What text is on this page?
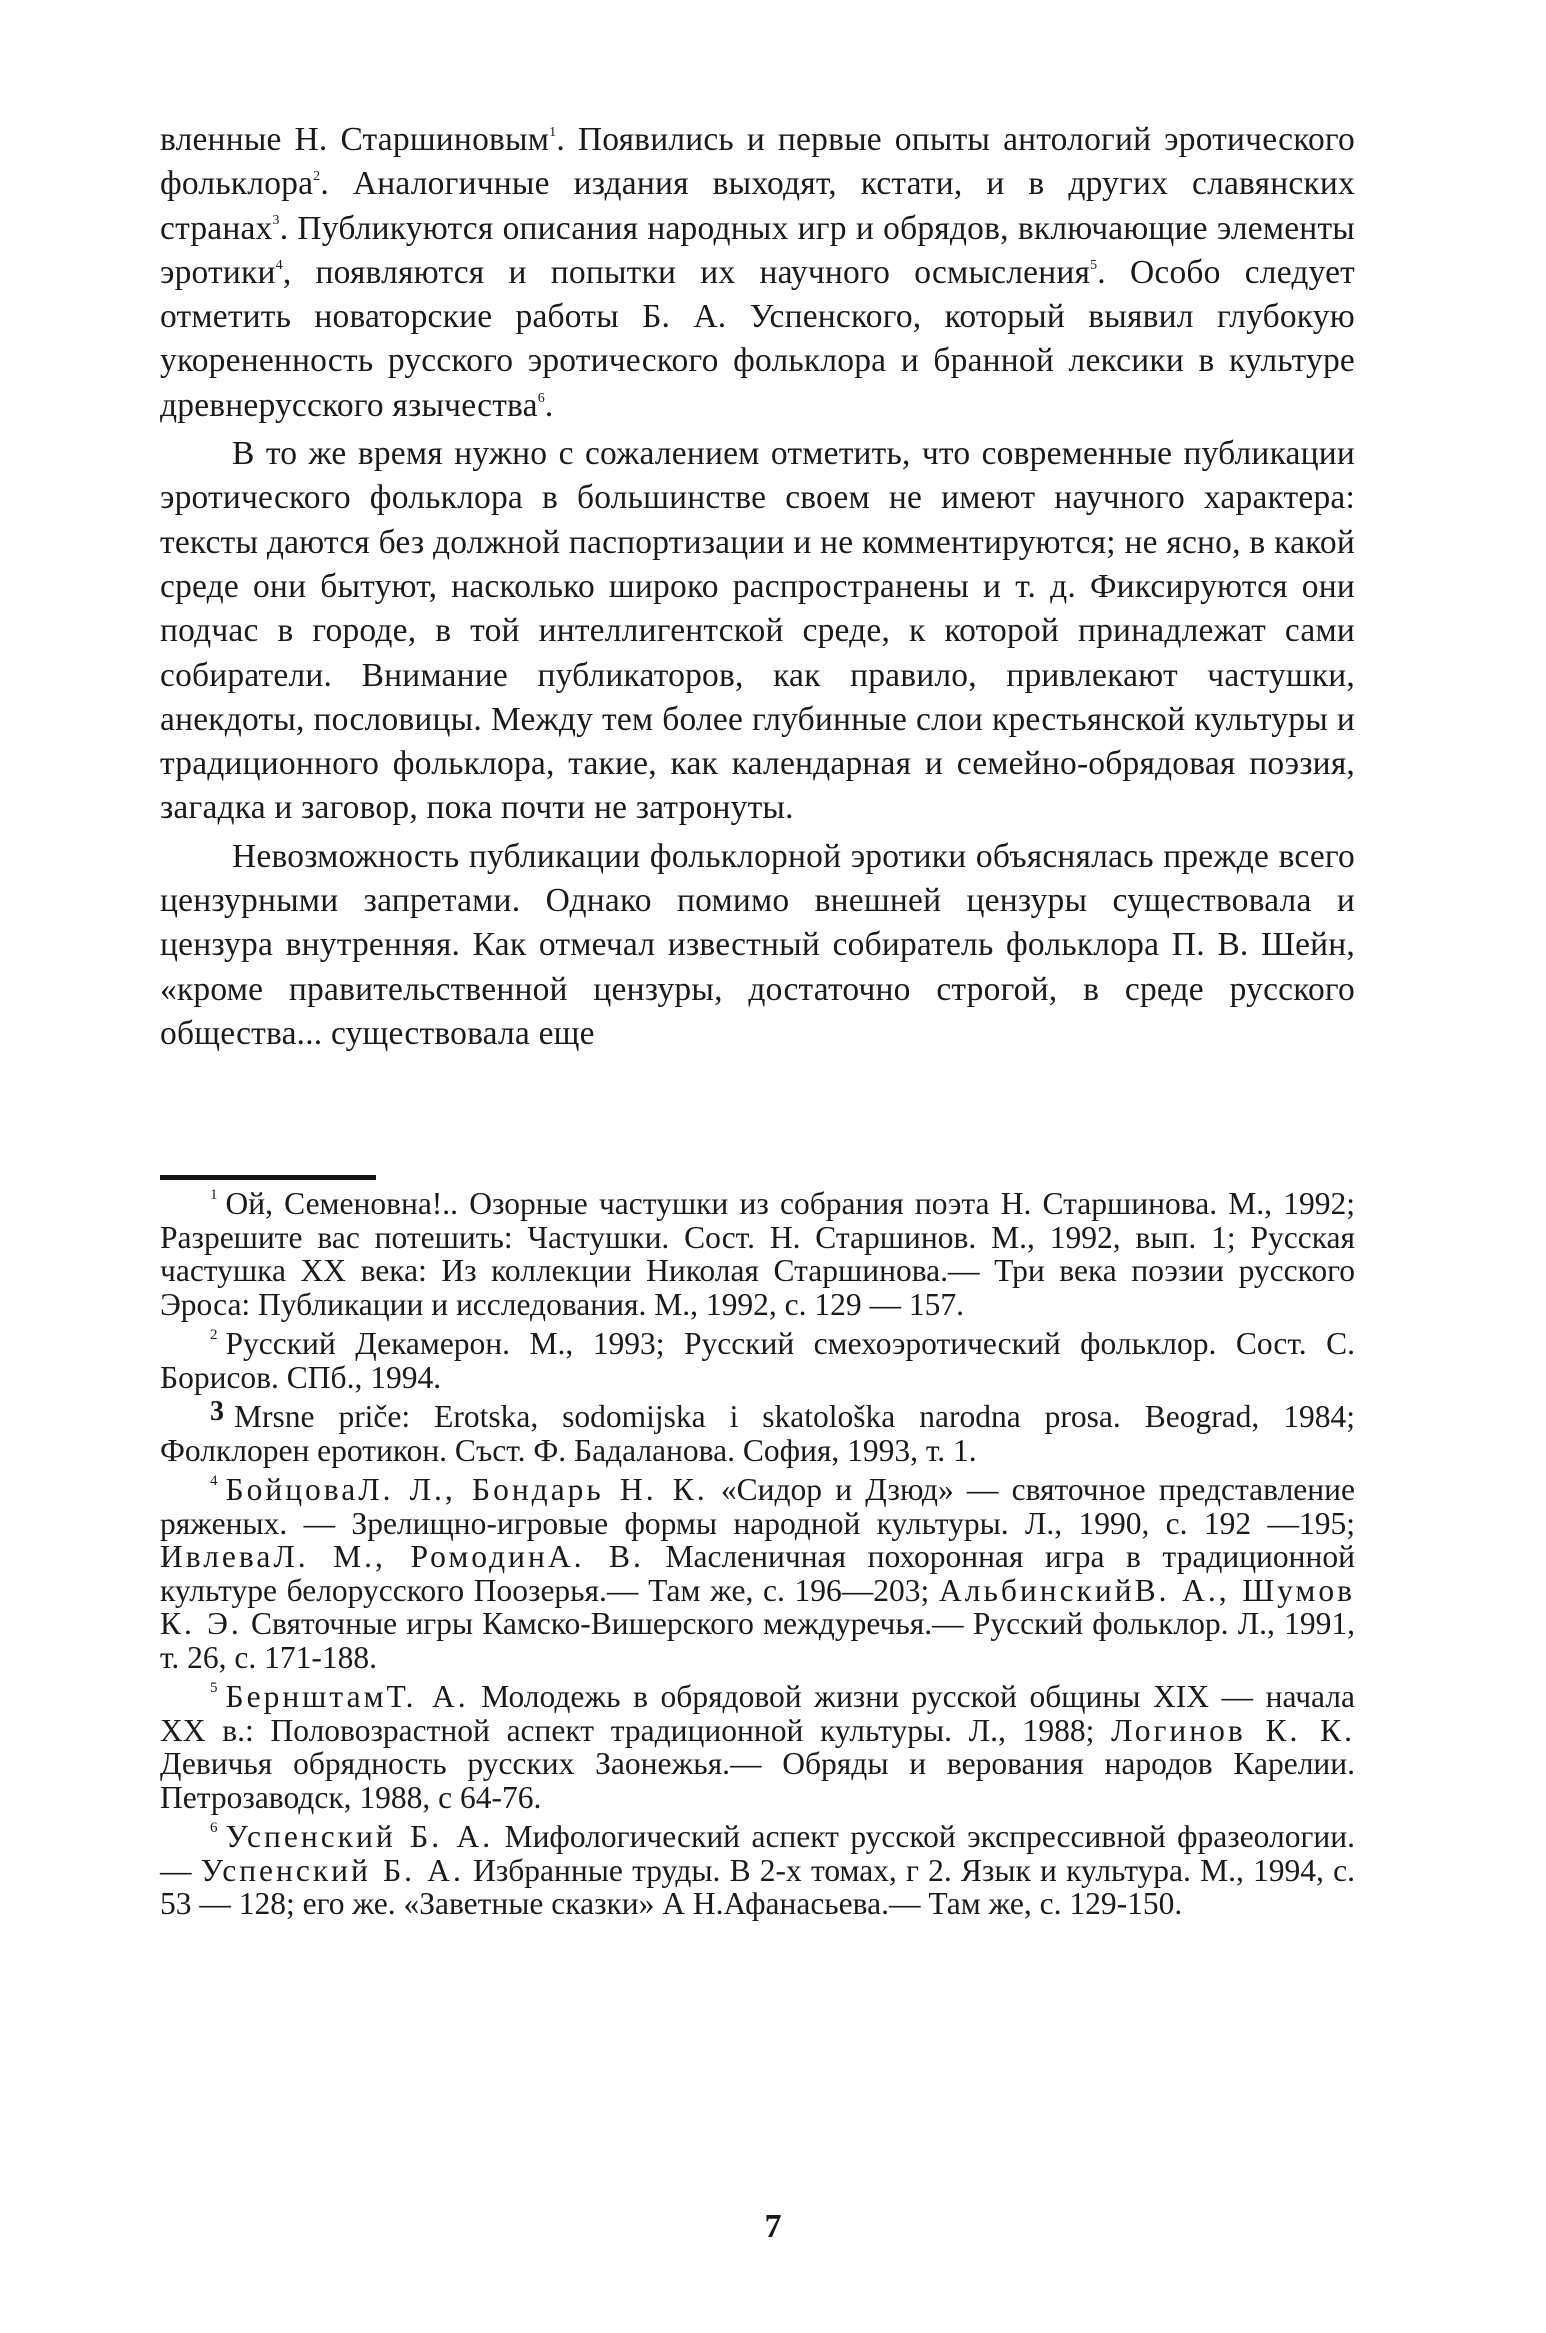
вленные Н. Старшиновым$^1$. Появились и первые опыты антологий эротического фольклора$^2$. Аналогичные издания выходят, кстати, и в других славянских странах$^3$. Публикуются описания народных игр и обрядов, включающие элементы эротики$^4$, появляются и попытки их научного осмысления$^5$. Особо следует отметить новаторские работы Б. А. Успенского, который выявил глубокую укорененность русского эротического фольклора и бранной лексики в культуре древнерусского язычества$^6$.

В то же время нужно с сожалением отметить, что современные публикации эротического фольклора в большинстве своем не имеют научного характера: тексты даются без должной паспортизации и не комментируются; не ясно, в какой среде они бытуют, насколько широко распространены и т. д. Фиксируются они подчас в городе, в той интеллигентской среде, к которой принадлежат сами собиратели. Внимание публикаторов, как правило, привлекают частушки, анекдоты, пословицы. Между тем более глубинные слои крестьянской культуры и традиционного фольклора, такие, как календарная и семейно-обрядовая поэзия, загадка и заговор, пока почти не затронуты.

Невозможность публикации фольклорной эротики объяснялась прежде всего цензурными запретами. Однако помимо внешней цензуры существовала и цензура внутренняя. Как отмечал известный собиратель фольклора П. В. Шейн, «кроме правительственной цензуры, достаточно строгой, в среде русского общества... существовала еще

$^1$ Ой, Семеновна!.. Озорные частушки из собрания поэта Н. Старшинова. М., 1992; Разрешите вас потешить: Частушки. Сост. Н. Старшинов. М., 1992, вып. 1; Русская частушка XX века: Из коллекции Николая Старшинова.— Три века поэзии русского Эроса: Публикации и исследования. М., 1992, с. 129 — 157.

$^2$ Русский Декамерон. М., 1993; Русский смехоэротический фольклор. Сост. С. Борисов. СПб., 1994.

3 Mrsne priče: Erotska, sodomijska i skatološka narodna prosa. Beograd, 1984; Фолклорен еротикон. Съст. Ф. Бадаланова. София, 1993, т. 1.

$^4$ БойцоваЛ. Л., Бондарь Н. К. «Сидор и Дзюд» — святочное представление ряженых. — Зрелищно-игровые формы народной культуры. Л., 1990, с. 192 —195; ИвлеваЛ. М., РомодинА. В. Масленичная похоронная игра в традиционной культуре белорусского Поозерья.— Там же, с. 196—203; АльбинскийВ. А., Шумов К. Э. Святочные игры Камско-Вишерского междуречья.— Русский фольклор. Л., 1991, т. 26, с. 171-188.

$^5$ БернштамТ. А. Молодежь в обрядовой жизни русской общины XIX — начала XX в.: Половозрастной аспект традиционной культуры. Л., 1988; Логинов К. К. Девичья обрядность русских Заонежья.— Обряды и верования народов Карелии. Петрозаводск, 1988, с 64-76.

$^6$ Успенский Б. А. Мифологический аспект русской экспрессивной фразеологии.— Успенский Б. А. Избранные труды. В 2-х томах, г 2. Язык и культура. М., 1994, с. 53 — 128; его же. «Заветные сказки» А Н.Афанасьева.— Там же, с. 129-150.

7
